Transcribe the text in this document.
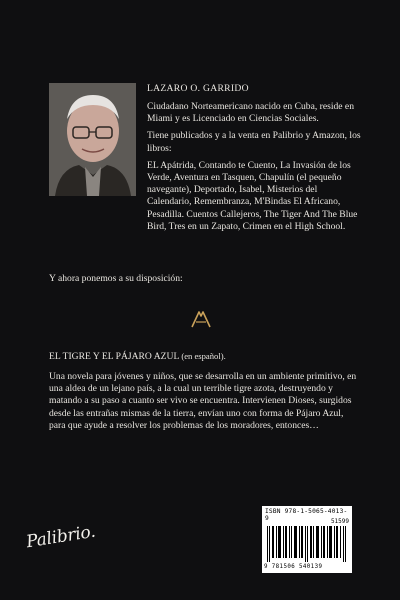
LAZARO O. GARRIDO

Ciudadano Norteamericano nacido en Cuba, reside en Miami y es Licenciado en Ciencias Sociales.

Tiene publicados y a la venta en Palibrio y Amazon, los libros:

EL Apátrida, Contando te Cuento, La Invasión de los Verde, Aventura en Tasquen, Chapulín (el pequeño navegante), Deportado, Isabel, Misterios del Calendario, Remembranza, M'Bindas El Africano, Pesadilla. Cuentos Callejeros, The Tiger And The Blue Bird, Tres en un Zapato, Crimen en el High School.

Y ahora ponemos a su disposición:
EL TIGRE Y EL PÁJARO AZUL (en español).

Una novela para jóvenes y niños, que se desarrolla en un ambiente primitivo, en una aldea de un lejano país, a la cual un terrible tigre azota, destruyendo y matando a su paso a cuanto ser vivo se encuentra. Intervienen Dioses, surgidos desde las entrañas mismas de la tierra, envían uno con forma de Pájaro Azul, para que ayude a resolver los problemas de los moradores, entonces…

ISBN 978-1-5065-4013-9	51599
9 781506 540139
Palibrio.
